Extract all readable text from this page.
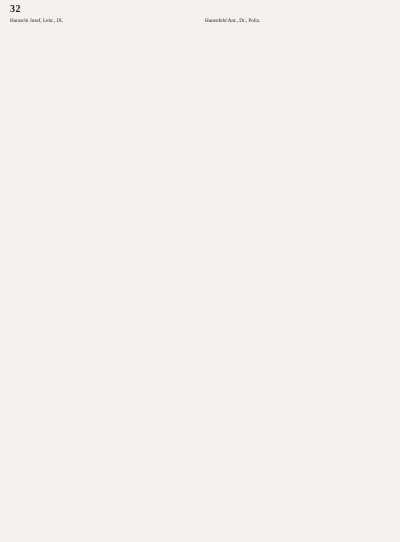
32
Haraschi Josef, Lehr., IX.	Hauenfeld Ant., Dr., Poliz.
